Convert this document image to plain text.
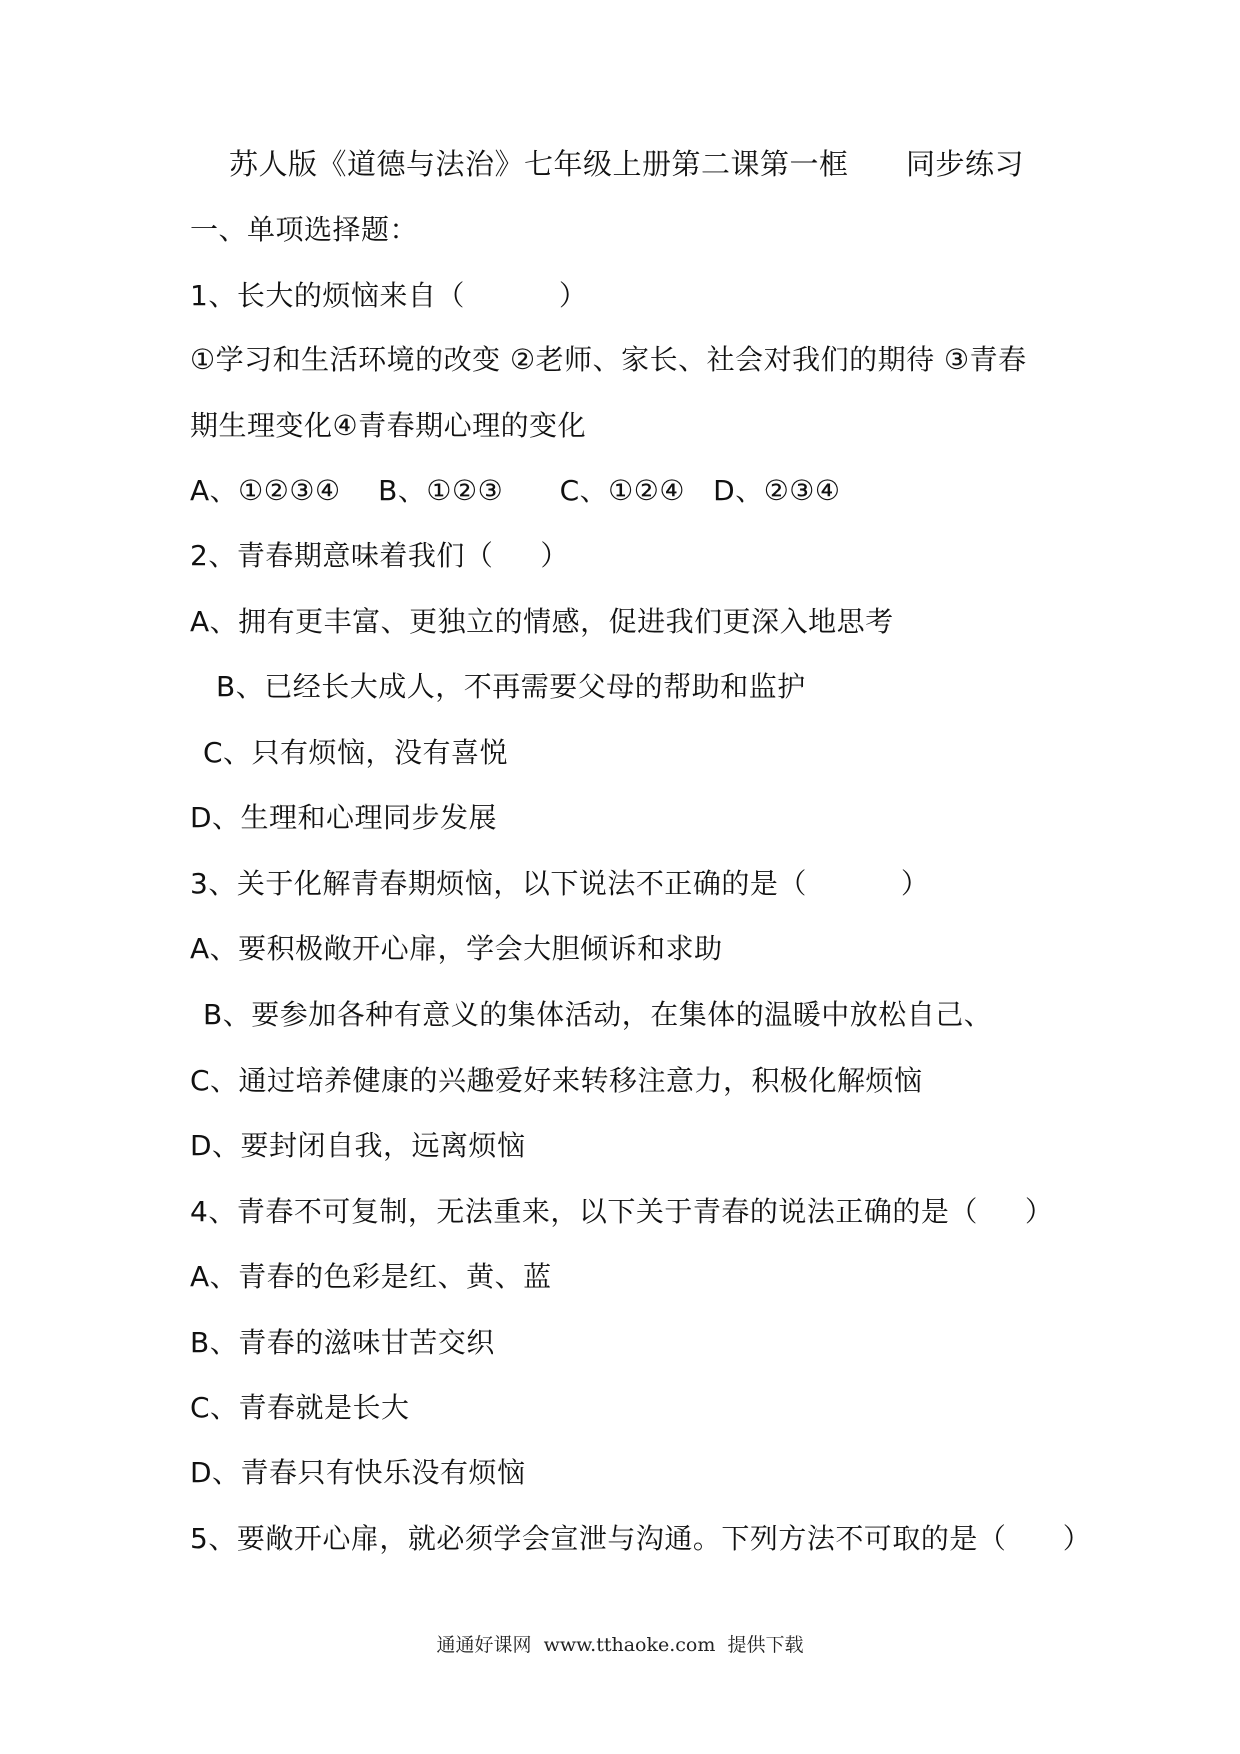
苏人版《道德与法治》七年级上册第二课第一框 同步练习
一、单项选择题：
1、长大的烦恼来自（          ）
①学习和生活环境的改变 ②老师、家长、社会对我们的期待 ③青春
期生理变化④青春期心理的变化
A、①②③④    B、①②③      C、①②④   D、②③④
2、青春期意味着我们（     ）
A、拥有更丰富、更独立的情感，促进我们更深入地思考
B、已经长大成人，不再需要父母的帮助和监护
C、只有烦恼，没有喜悦
D、生理和心理同步发展
3、关于化解青春期烦恼，以下说法不正确的是（          ）
A、要积极敞开心扉，学会大胆倾诉和求助
B、要参加各种有意义的集体活动，在集体的温暖中放松自己、
C、通过培养健康的兴趣爱好来转移注意力，积极化解烦恼
D、要封闭自我，远离烦恼
4、青春不可复制，无法重来，以下关于青春的说法正确的是（     ）
A、青春的色彩是红、黄、蓝
B、青春的滋味甘苦交织
C、青春就是长大
D、青春只有快乐没有烦恼
5、要敞开心扉，就必须学会宣泄与沟通。下列方法不可取的是（      ）
通通好课网  www.tthaoke.com  提供下载
